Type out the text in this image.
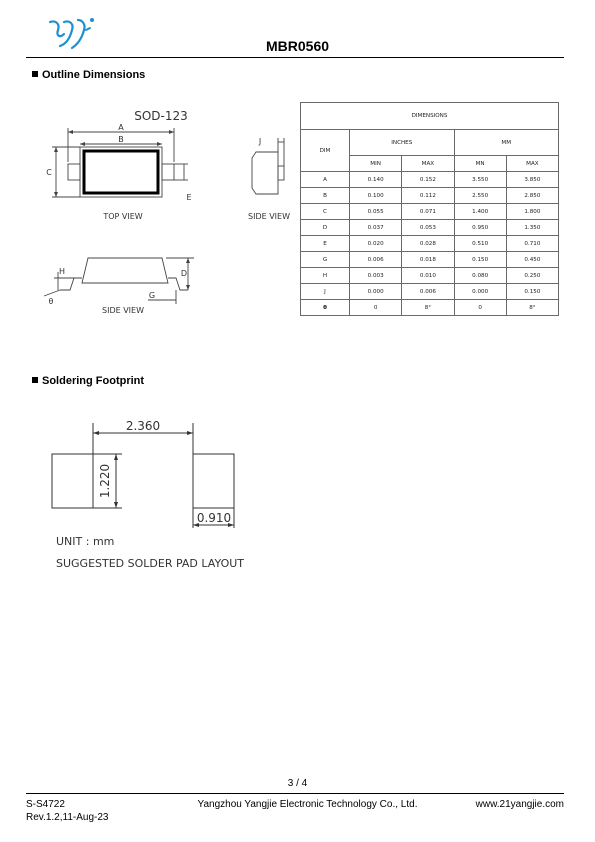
MBR0560
Outline Dimensions
SOD-123
A
B
C
E
J
D
H
G
θ
TOP VIEW	SIDE VIEW
SIDE VIEW
DIMENSIONS				
DIM	INCHES		MM	
	MIN	MAX	MN	MAX
A	0.140	0.152	3.550	3.850
B	0.100	0.112	2.550	2.850
C	0.055	0.071	1.400	1.800
D	0.037	0.053	0.950	1.350
E	0.020	0.028	0.510	0.710
G	0.006	0.018	0.150	0.450
H	0.003	0.010	0.080	0.250
J	0.000	0.006	0.000	0.150
θ	0	8°	0	8°
Soldering Footprint
2.360
1.220
0.910
UNIT : mm
SUGGESTED SOLDER PAD LAYOUT
3 / 4
S-S4722
Rev.1.2,11-Aug-23
Yangzhou Yangjie Electronic Technology Co., Ltd.	www.21yangjie.com
